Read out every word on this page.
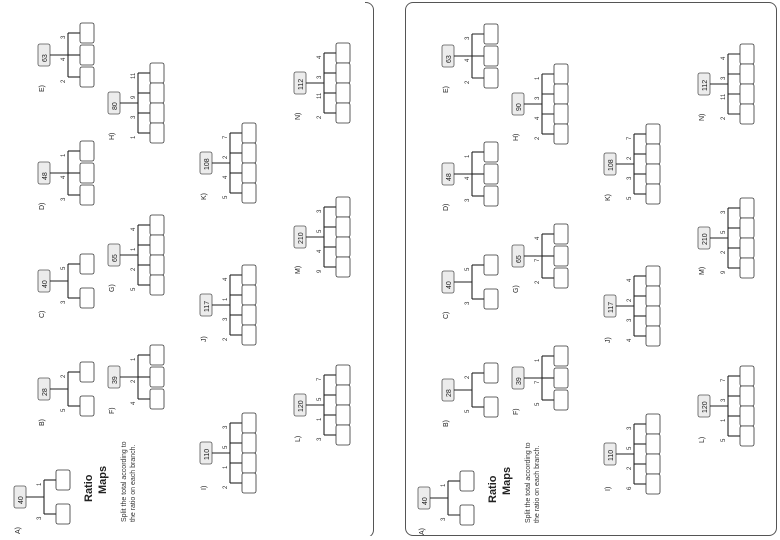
Ratio Maps Split the total according to the ratio on each branch.
A)
40
1
3
B)
28
2
5
C)
40
5
3
D)
48
1
4
3
E)
63
3
4
2
F)
39
1
2
4
G)
65
4
1
2
5
H)
80
11
9
3
1
I)
110
3
5
1
2
J)
117
4
1
3
2
K)
108
7
2
4
5
L)
120
7
5
1
3
M)
210
3
5
4
9
N)
112
4
3
11
2
Ratio Maps Split the total according to the ratio on each branch.
A)
40
1
3
B)
28
2
5
C)
40
5
3
D)
48
1
4
3
E)
63
3
4
2
F)
39
1
7
5
G)
65
4
7
2
H)
90
1
3
4
2
I)
110
3
5
2
6
J)
117
4
2
3
4
K)
108
7
2
3
5
L)
120
7
3
1
5
M)
210
3
5
2
9
N)
112
4
3
11
2
